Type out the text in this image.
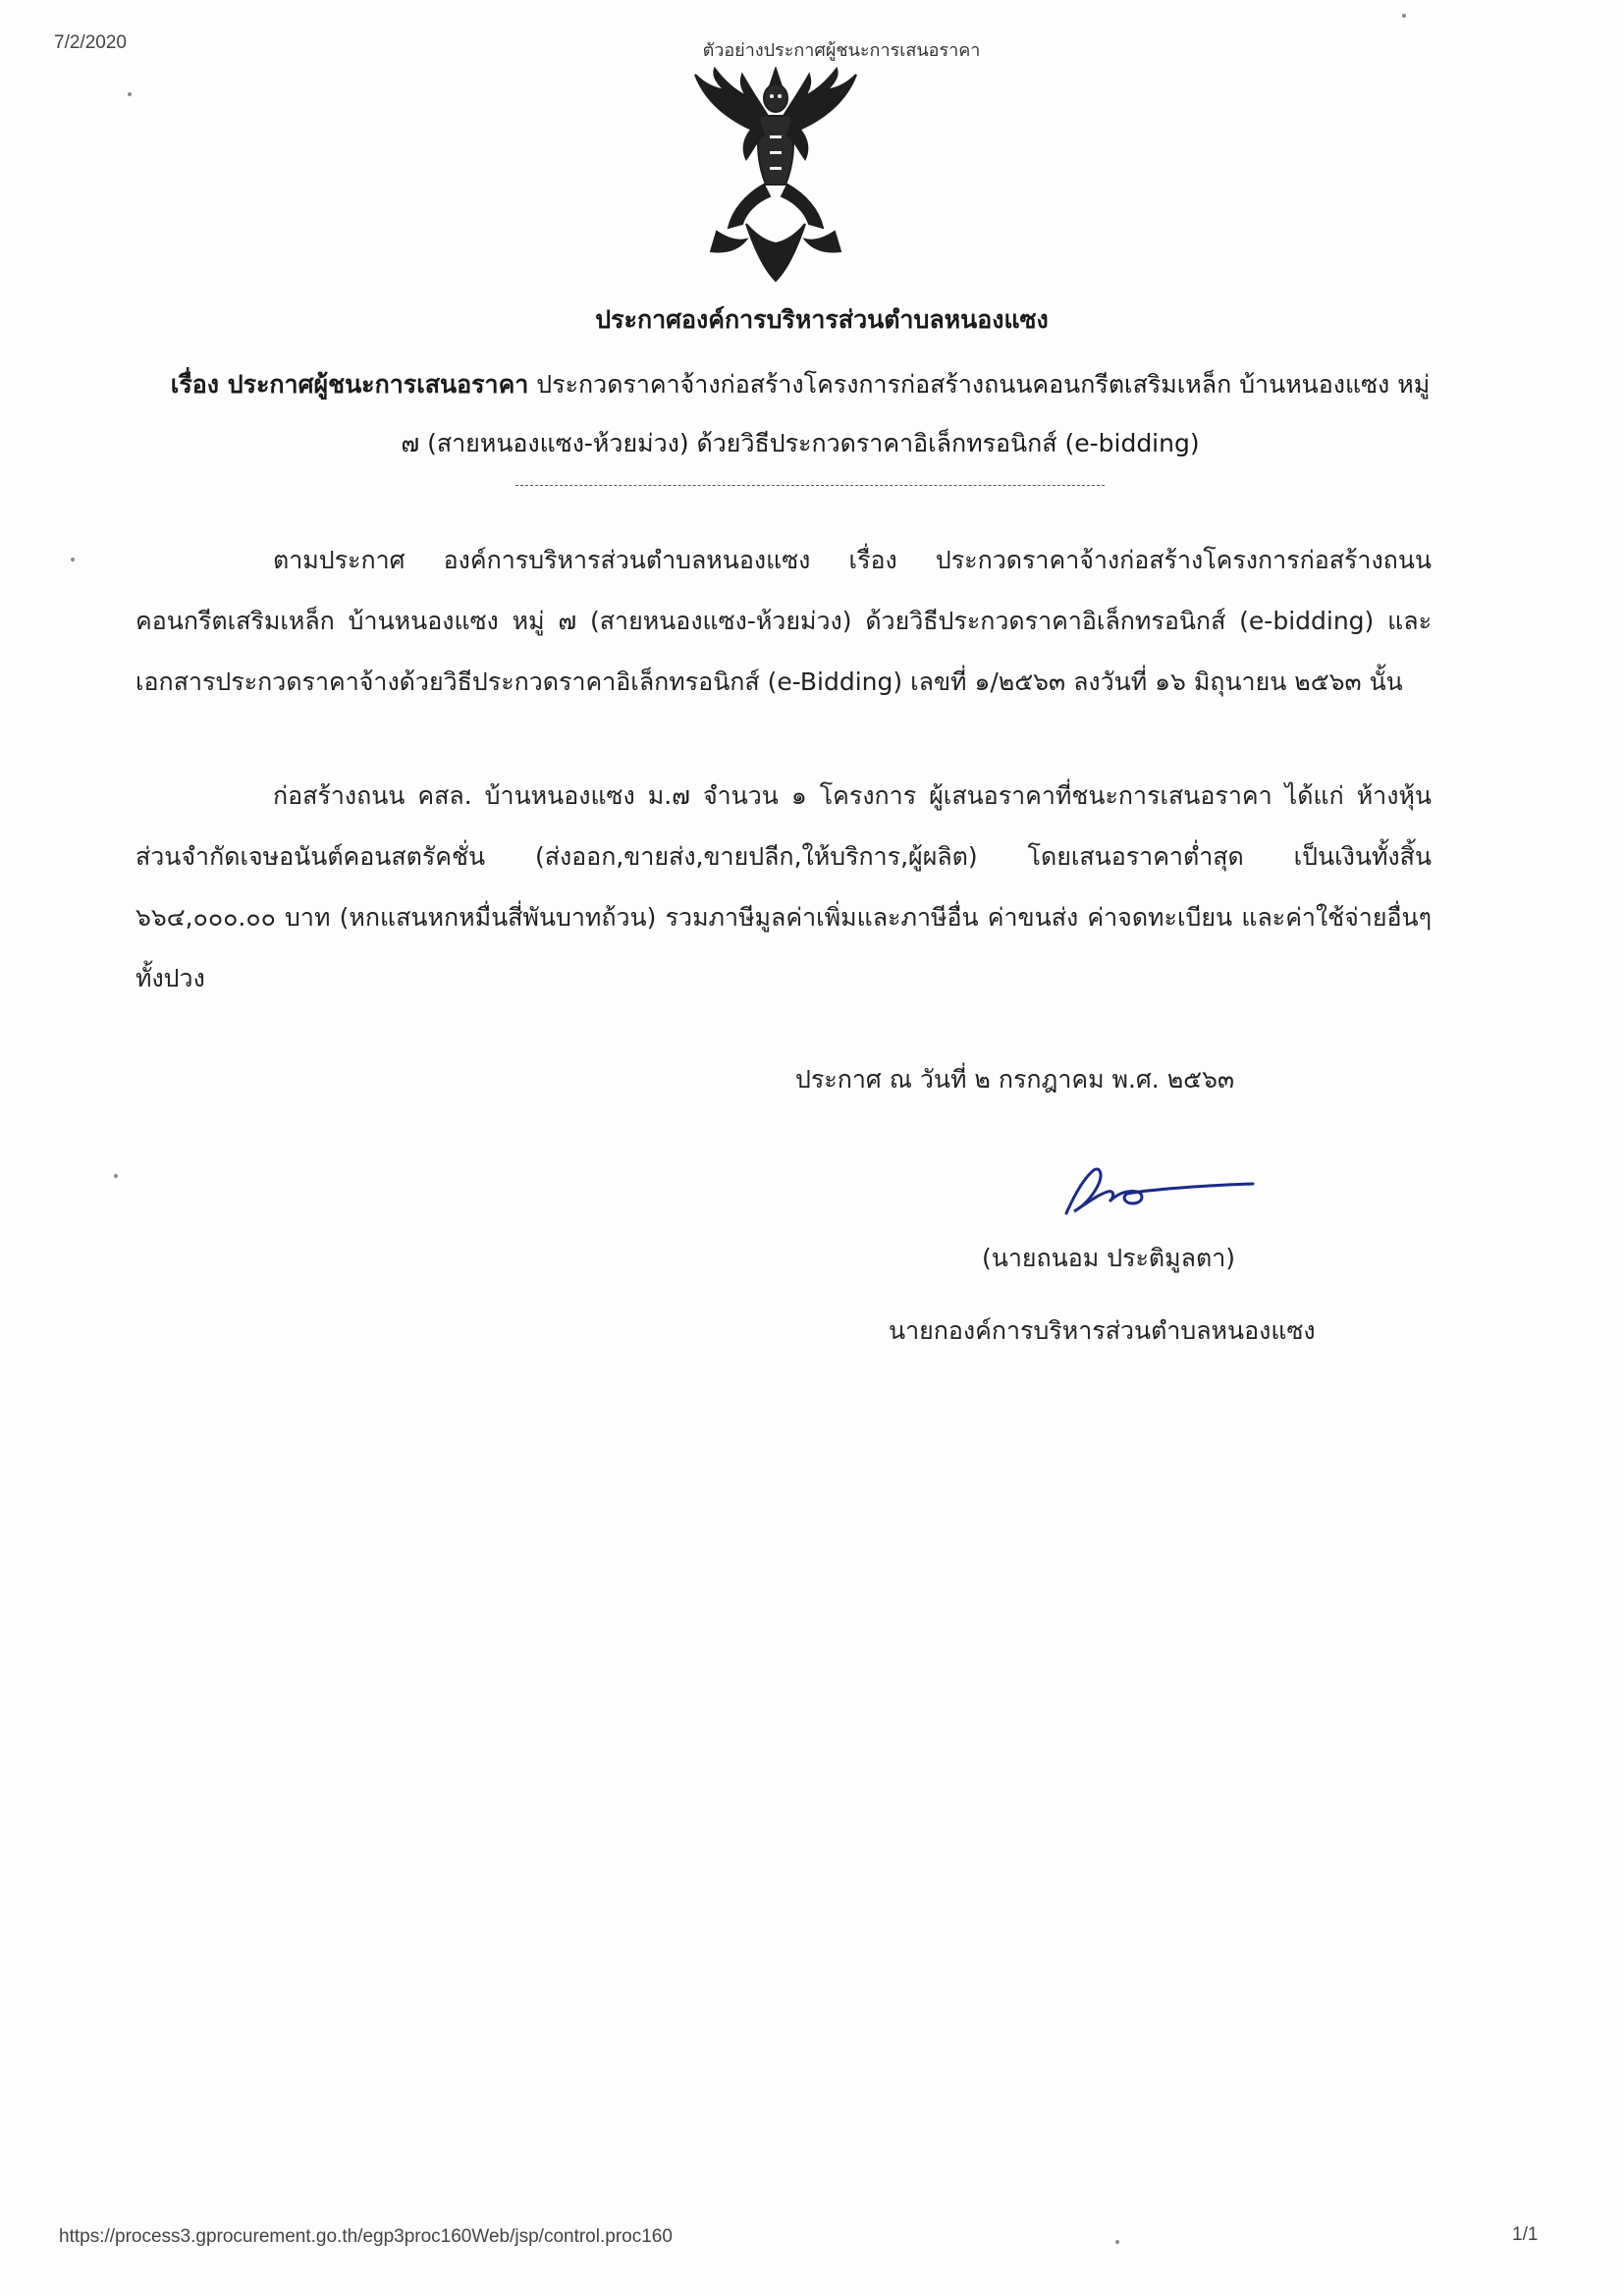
7/2/2020	ตัวอย่างประกาศผู้ชนะการเสนอราคา
ประกาศองค์การบริหารส่วนตำบลหนองแซง
เรื่อง ประกาศผู้ชนะการเสนอราคา ประกวดราคาจ้างก่อสร้างโครงการก่อสร้างถนนคอนกรีตเสริมเหล็ก บ้านหนองแซง หมู่ ๗ (สายหนองแซง-ห้วยม่วง) ด้วยวิธีประกวดราคาอิเล็กทรอนิกส์ (e-bidding)
ตามประกาศ องค์การบริหารส่วนตำบลหนองแซง เรื่อง ประกวดราคาจ้างก่อสร้างโครงการก่อสร้างถนนคอนกรีตเสริมเหล็ก บ้านหนองแซง หมู่ ๗ (สายหนองแซง-ห้วยม่วง) ด้วยวิธีประกวดราคาอิเล็กทรอนิกส์ (e-bidding) และเอกสารประกวดราคาจ้างด้วยวิธีประกวดราคาอิเล็กทรอนิกส์ (e-Bidding) เลขที่ ๑/๒๕๖๓ ลงวันที่ ๑๖ มิถุนายน ๒๕๖๓ นั้น
ก่อสร้างถนน คสล. บ้านหนองแซง ม.๗ จำนวน ๑ โครงการ ผู้เสนอราคาที่ชนะการเสนอราคา ได้แก่ ห้างหุ้นส่วนจำกัดเจษอนันต์คอนสตรัคชั่น (ส่งออก,ขายส่ง,ขายปลีก,ให้บริการ,ผู้ผลิต) โดยเสนอราคาต่ำสุด เป็นเงินทั้งสิ้น ๖๖๔,๐๐๐.๐๐ บาท (หกแสนหกหมื่นสี่พันบาทถ้วน) รวมภาษีมูลค่าเพิ่มและภาษีอื่น ค่าขนส่ง ค่าจดทะเบียน และค่าใช้จ่ายอื่นๆ ทั้งปวง
ประกาศ ณ วันที่ ๒ กรกฎาคม พ.ศ. ๒๕๖๓
(นายถนอม ประติมูลตา)
นายกองค์การบริหารส่วนตำบลหนองแซง
https://process3.gprocurement.go.th/egp3proc160Web/jsp/control.proc160	1/1
